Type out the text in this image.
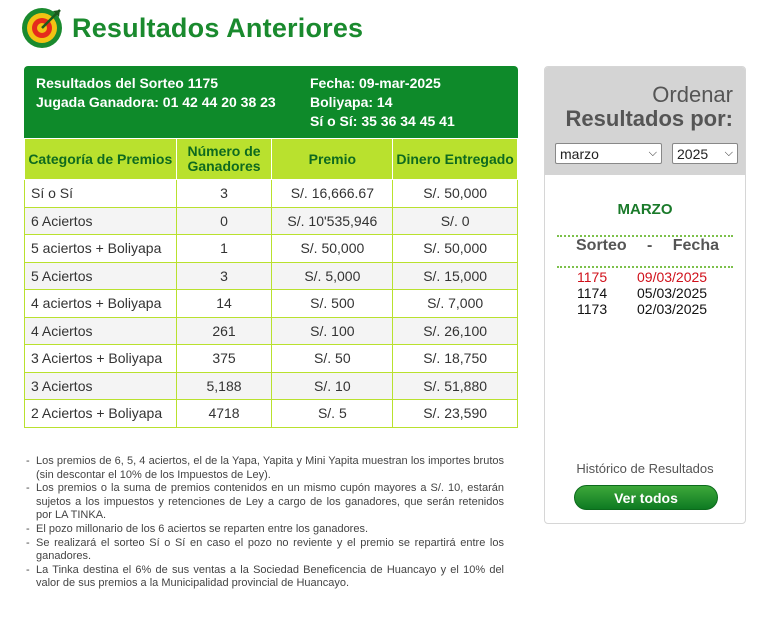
Resultados Anteriores
Resultados del Sorteo 1175
Jugada Ganadora: 01 42 44 20 38 23
Fecha: 09-mar-2025
Boliyapa: 14
Sí o Sí: 35 36 34 45 41
Categoría de Premios	Número de Ganadores	Premio	Dinero Entregado
Sí o Sí	3	S/. 16,666.67	S/. 50,000
6 Aciertos	0	S/. 10'535,946	S/. 0
5 aciertos + Boliyapa	1	S/. 50,000	S/. 50,000
5 Aciertos	3	S/. 5,000	S/. 15,000
4 aciertos + Boliyapa	14	S/. 500	S/. 7,000
4 Aciertos	261	S/. 100	S/. 26,100
3 Aciertos + Boliyapa	375	S/. 50	S/. 18,750
3 Aciertos	5,188	S/. 10	S/. 51,880
2 Aciertos + Boliyapa	4718	S/. 5	S/. 23,590
- Los premios de 6, 5, 4 aciertos, el de la Yapa, Yapita y Mini Yapita muestran los importes brutos (sin descontar el 10% de los Impuestos de Ley).
- Los premios o la suma de premios contenidos en un mismo cupón mayores a S/. 10, estarán sujetos a los impuestos y retenciones de Ley a cargo de los ganadores, que serán retenidos por LA TINKA.
- El pozo millonario de los 6 aciertos se reparten entre los ganadores.
- Se realizará el sorteo Sí o Sí en caso el pozo no reviente y el premio se repartirá entre los ganadores.
- La Tinka destina el 6% de sus ventas a la Sociedad Beneficencia de Huancayo y el 10% del valor de sus premios a la Municipalidad provincial de Huancayo.
Ordenar
Resultados por:
marzo	⌵ 2025 ⌵
MARZO
Sorteo - Fecha
1175 09/03/2025
1174 05/03/2025
1173 02/03/2025
Histórico de Resultados
Ver todos
